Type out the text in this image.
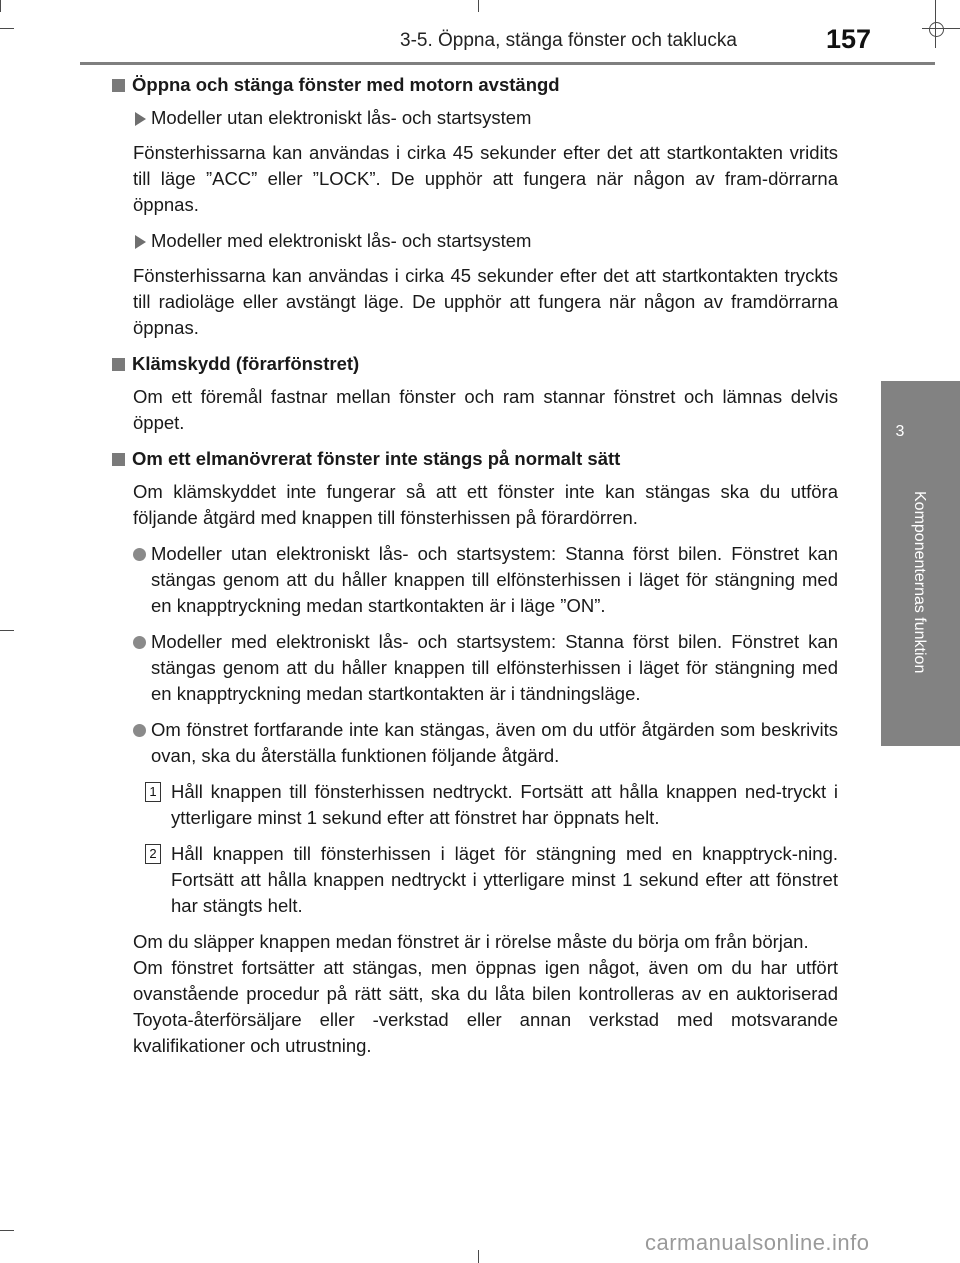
3-5. Öppna, stänga fönster och taklucka	157
3
Komponenternas funktion
Öppna och stänga fönster med motorn avstängd
Modeller utan elektroniskt lås- och startsystem

Fönsterhissarna kan användas i cirka 45 sekunder efter det att startkontakten vridits till läge ”ACC” eller ”LOCK”. De upphör att fungera när någon av fram-dörrarna öppnas.

Modeller med elektroniskt lås- och startsystem

Fönsterhissarna kan användas i cirka 45 sekunder efter det att startkontakten tryckts till radioläge eller avstängt läge. De upphör att fungera när någon av framdörrarna öppnas.

Klämskydd (förarfönstret)

Om ett föremål fastnar mellan fönster och ram stannar fönstret och lämnas delvis öppet.

Om ett elmanövrerat fönster inte stängs på normalt sätt

Om klämskyddet inte fungerar så att ett fönster inte kan stängas ska du utföra följande åtgärd med knappen till fönsterhissen på förardörren.

Modeller utan elektroniskt lås- och startsystem: Stanna först bilen. Fönstret kan stängas genom att du håller knappen till elfönsterhissen i läget för stängning med en knapptryckning medan startkontakten är i läge ”ON”.
Modeller med elektroniskt lås- och startsystem: Stanna först bilen. Fönstret kan stängas genom att du håller knappen till elfönsterhissen i läget för stängning med en knapptryckning medan startkontakten är i tändningsläge.
Om fönstret fortfarande inte kan stängas, även om du utför åtgärden som beskrivits ovan, ska du återställa funktionen följande åtgärd.
1 Håll knappen till fönsterhissen nedtryckt. Fortsätt att hålla knappen ned-tryckt i ytterligare minst 1 sekund efter att fönstret har öppnats helt.
2 Håll knappen till fönsterhissen i läget för stängning med en knapptryck-ning. Fortsätt att hålla knappen nedtryckt i ytterligare minst 1 sekund efter att fönstret har stängts helt.

Om du släpper knappen medan fönstret är i rörelse måste du börja om från början.

Om fönstret fortsätter att stängas, men öppnas igen något, även om du har utfört ovanstående procedur på rätt sätt, ska du låta bilen kontrolleras av en auktoriserad Toyota-återförsäljare eller -verkstad eller annan verkstad med motsvarande kvalifikationer och utrustning.

carmanualsonline.info
